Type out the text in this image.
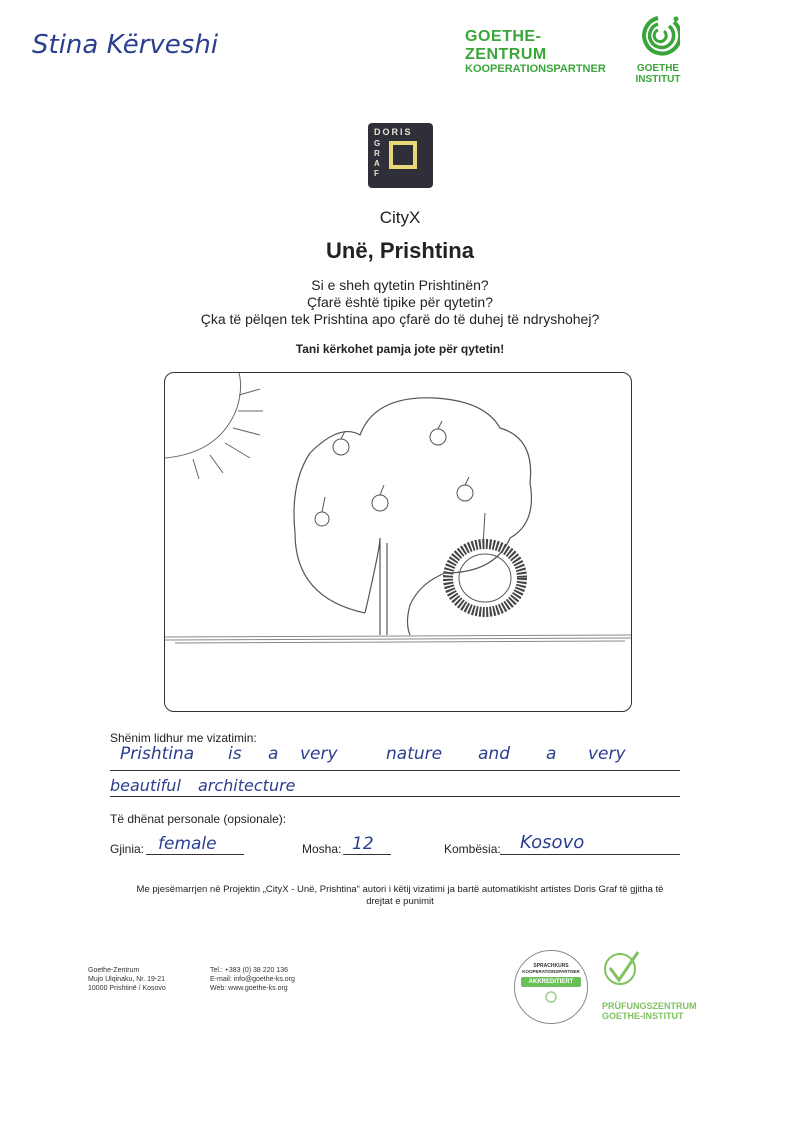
Stina Kërveshi	GOETHE-ZENTRUM
KOOPERATIONSPARTNER	GOETHE
INSTITUT
DORIS
G
R
A
F
CityX
Unë, Prishtina
Si e sheh qytetin Prishtinën?
Çfarë është tipike për qytetin?
Çka të pëlqen tek Prishtina apo çfarë do të duhej të ndryshohej?
Tani kërkohet pamja jote për qytetin!
Shënim lidhur me vizatimin:
Prishtina is a very	nature and a very
beautiful architecture
Të dhënat personale (opsionale):
Gjinia: female	Mosha: 12	Kombësia: Kosovo
Me pjesëmarrjen në Projektin „CityX - Unë, Prishtina“ autori i këtij vizatimi ja bartë automatikisht artistes Doris Graf të gjitha të
drejtat e punimit
Goethe-Zentrum
Mujo Ulqinaku, Nr. 19-21
10000 Prishtinë / Kosovo
Tel.: +383 (0) 38 220 136
E-mail: info@goethe-ks.org
Web: www.goethe-ks.org
SPRACHKURS
KOOPERATIONSPARTNER
AKKREDITIERT
PRÜFUNGSZENTRUM
GOETHE-INSTITUT
